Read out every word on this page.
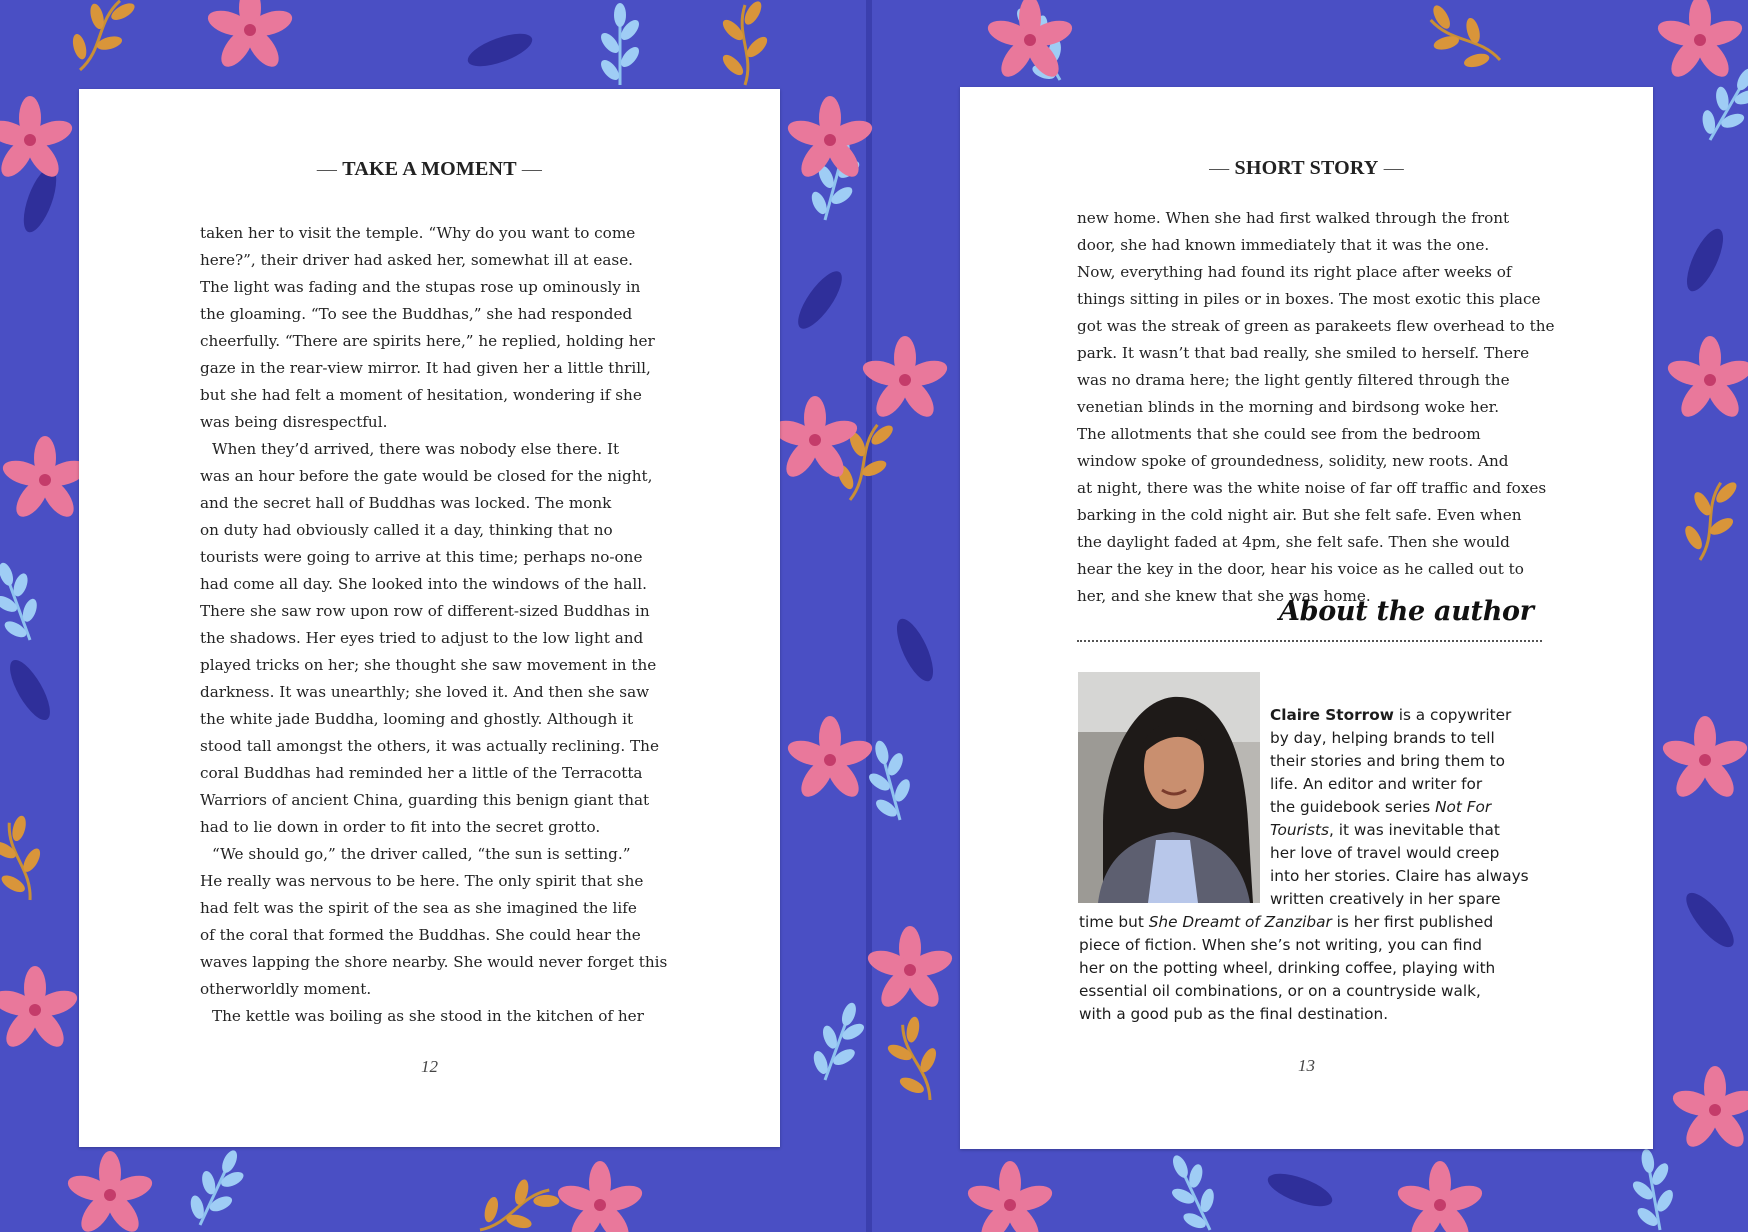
— TAKE A MOMENT —
taken her to visit the temple. “Why do you want to come
here?”, their driver had asked her, somewhat ill at ease.
The light was fading and the stupas rose up ominously in
the gloaming. “To see the Buddhas,” she had responded
cheerfully. “There are spirits here,” he replied, holding her
gaze in the rear-view mirror. It had given her a little thrill,
but she had felt a moment of hesitation, wondering if she
was being disrespectful.
When they’d arrived, there was nobody else there. It
was an hour before the gate would be closed for the night,
and the secret hall of Buddhas was locked. The monk
on duty had obviously called it a day, thinking that no
tourists were going to arrive at this time; perhaps no-one
had come all day. She looked into the windows of the hall.
There she saw row upon row of different-sized Buddhas in
the shadows. Her eyes tried to adjust to the low light and
played tricks on her; she thought she saw movement in the
darkness. It was unearthly; she loved it. And then she saw
the white jade Buddha, looming and ghostly. Although it
stood tall amongst the others, it was actually reclining. The
coral Buddhas had reminded her a little of the Terracotta
Warriors of ancient China, guarding this benign giant that
had to lie down in order to fit into the secret grotto.
“We should go,” the driver called, “the sun is setting.”
He really was nervous to be here. The only spirit that she
had felt was the spirit of the sea as she imagined the life
of the coral that formed the Buddhas. She could hear the
waves lapping the shore nearby. She would never forget this
otherworldly moment.
The kettle was boiling as she stood in the kitchen of her
12
— SHORT STORY —
new home. When she had first walked through the front
door, she had known immediately that it was the one.
Now, everything had found its right place after weeks of
things sitting in piles or in boxes. The most exotic this place
got was the streak of green as parakeets flew overhead to the
park. It wasn’t that bad really, she smiled to herself. There
was no drama here; the light gently filtered through the
venetian blinds in the morning and birdsong woke her.
The allotments that she could see from the bedroom
window spoke of groundedness, solidity, new roots. And
at night, there was the white noise of far off traffic and foxes
barking in the cold night air. But she felt safe. Even when
the daylight faded at 4pm, she felt safe. Then she would
hear the key in the door, hear his voice as he called out to
her, and she knew that she was home.
About the author
Claire Storrow is a copywriter
by day, helping brands to tell
their stories and bring them to
life. An editor and writer for
the guidebook series Not For
Tourists, it was inevitable that
her love of travel would creep
into her stories. Claire has always
written creatively in her spare
time but She Dreamt of Zanzibar is her first published
piece of fiction. When she’s not writing, you can find
her on the potting wheel, drinking coffee, playing with
essential oil combinations, or on a countryside walk,
with a good pub as the final destination.
13
